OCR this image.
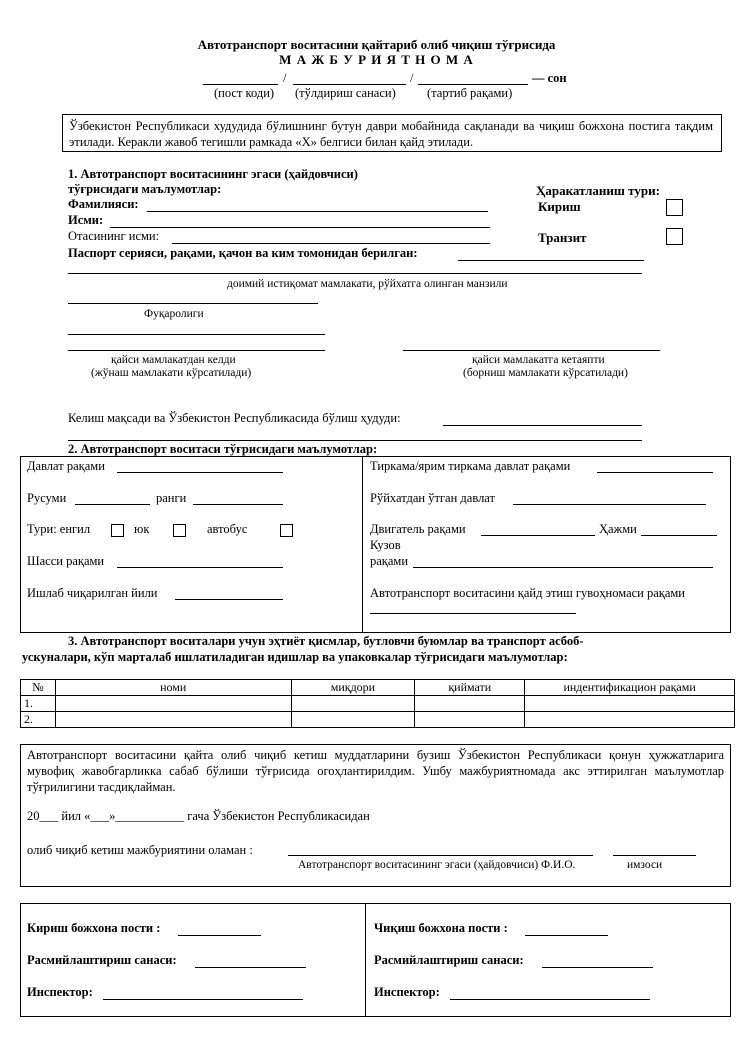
Автотранспорт воситасини қайтариб олиб чиқиш тўғрисида
М А Ж Б У Р И Я Т Н О М А
/	/	— сон
(пост коди) (тўлдириш санаси)	(тартиб рақами)
Ўзбекистон Республикаси худудида бўлишнинг бутун даври мобайнида сақланади ва чиқиш божхона постига тақдим этилади. Керакли жавоб тегишли рамкада «Х» белгиси билан қайд этилади.
1. Автотранспорт воситасининг эгаси (ҳайдовчиси)
тўғрисидаги маълумотлар:
Фамилияси:
Исми:
Отасининг исми:
Паспорт серияси, рақами, қачон ва ким томонидан берилган:
Ҳаракатланиш тури:
Кириш
Транзит
доимий истиқомат мамлакати, рўйхатга олинган манзили
Фуқаролиги
қайси мамлакатдан келди
(жўнаш мамлакати кўрсатилади)
қайси мамлакатга кетаяпти
(борниш мамлакати кўрсатилади)
Келиш мақсади ва Ўзбекистон Республикасида бўлиш ҳудуди:
2. Автотранспорт воситаси тўғрисидаги маълумотлар:
Давлат рақами
Русуми	ранги
Тури: енгил	юк	автобус
Шасси рақами
Ишлаб чиқарилган йили
Тиркама/ярим тиркама давлат рақами
Рўйхатдан ўтган давлат
Двигатель рақами	Ҳажми
Кузов
рақами
Автотранспорт воситасини қайд этиш гувоҳномаси рақами
3. Автотранспорт воситалари учун эҳтиёт қисмлар, бутловчи буюмлар ва транспорт асбоб-
ускуналари, кўп марталаб ишлатиладиган идишлар ва упаковкалар тўғрисидаги маълумотлар:
№	номи	миқдори	қиймати	индентификацион рақами
1.				
2.				
Автотранспорт воситасини қайта олиб чиқиб кетиш муддатларини бузиш Ўзбекистон Республикаси қонун ҳужжатларига мувофиқ жавобгарликка сабаб бўлиши тўғрисида огоҳлантирилдим. Ушбу мажбуриятномада акс эттирилган маълумотлар тўғрилигини тасдиқлайман.
20___ йил «___»___________ гача Ўзбекистон Республикасидан
олиб чиқиб кетиш мажбуриятини оламан :
Автотранспорт воситасининг эгаси (ҳайдовчиси) Ф.И.О.	имзоси
Кириш божхона пости :
Расмийлаштириш санаси:
Инспектор:
Чиқиш божхона пости :
Расмийлаштириш санаси:
Инспектор:
